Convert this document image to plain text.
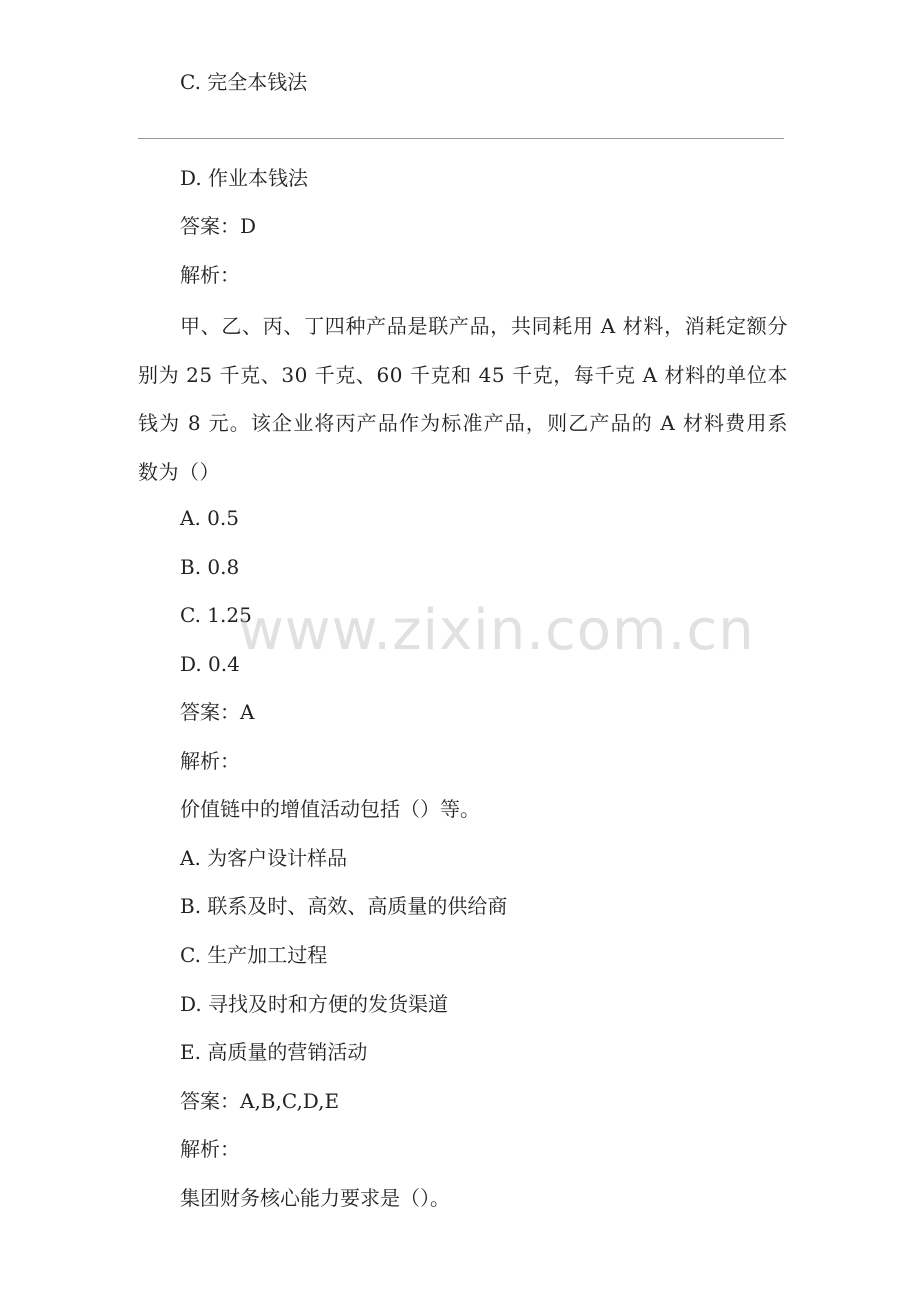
C. 完全本钱法
D. 作业本钱法
答案：D
解析：
甲、乙、丙、丁四种产品是联产品，共同耗用 A 材料，消耗定额分别为 25 千克、30 千克、60 千克和 45 千克，每千克 A 材料的单位本钱为 8 元。该企业将丙产品作为标准产品，则乙产品的 A 材料费用系数为（）
A. 0.5
B. 0.8
C. 1.25
D. 0.4
答案：A
解析：
价值链中的增值活动包括（）等。
A. 为客户设计样品
B. 联系及时、高效、高质量的供给商
C. 生产加工过程
D. 寻找及时和方便的发货渠道
E. 高质量的营销活动
答案：A,B,C,D,E
解析：
集团财务核心能力要求是（）。
www.zixin.com.cn
